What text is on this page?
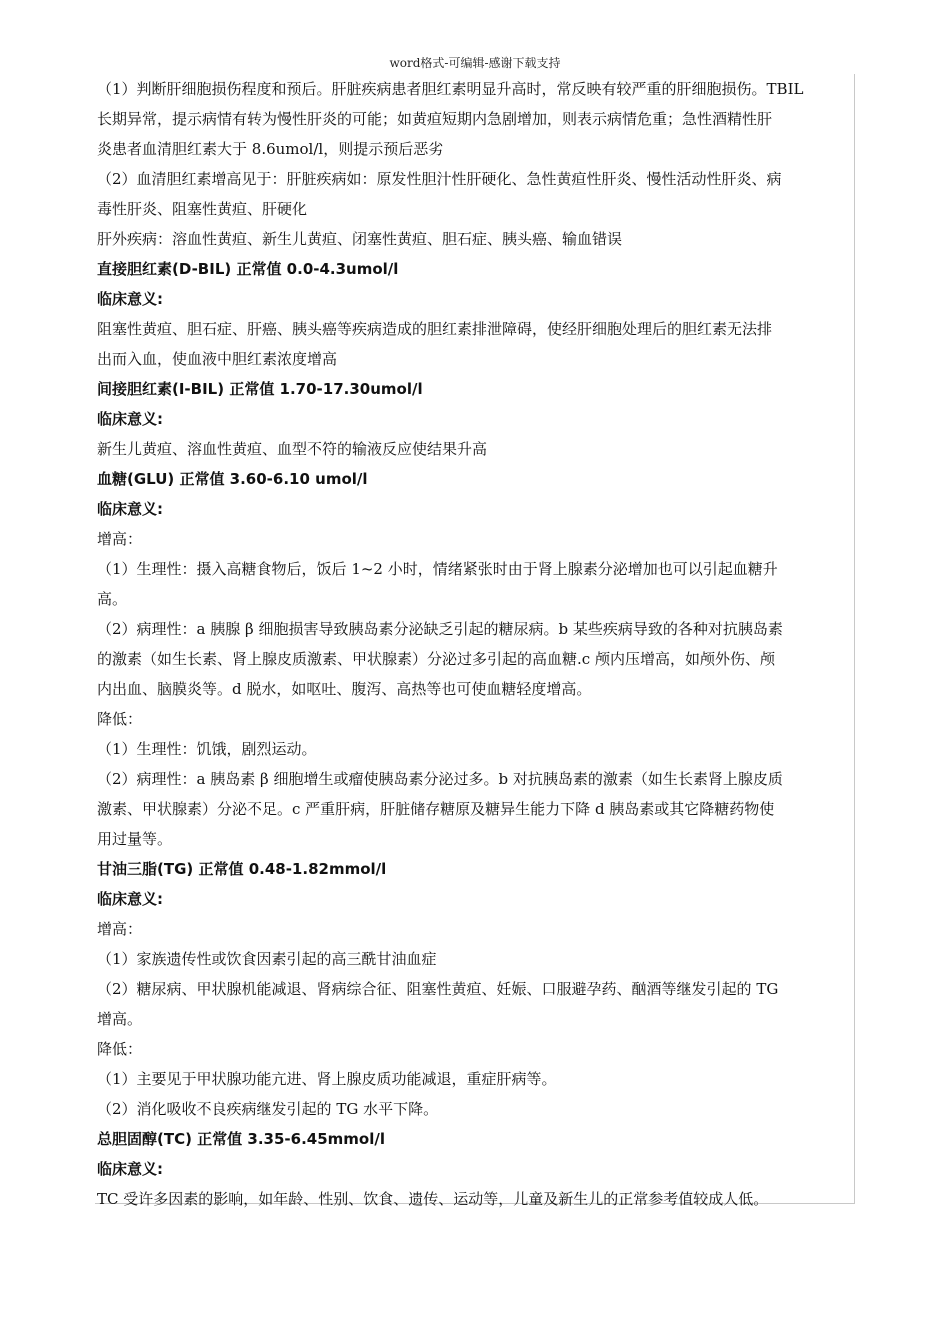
word格式-可编辑-感谢下载支持
（1）判断肝细胞损伤程度和预后。肝脏疾病患者胆红素明显升高时，常反映有较严重的肝细胞损伤。TBIL
长期异常，提示病情有转为慢性肝炎的可能；如黄疸短期内急剧增加，则表示病情危重；急性酒精性肝
炎患者血清胆红素大于 8.6umol/l，则提示预后恶劣
（2）血清胆红素增高见于：肝脏疾病如：原发性胆汁性肝硬化、急性黄疸性肝炎、慢性活动性肝炎、病
毒性肝炎、阻塞性黄疸、肝硬化
肝外疾病：溶血性黄疸、新生儿黄疸、闭塞性黄疸、胆石症、胰头癌、输血错误
直接胆红素(D-BIL) 正常值 0.0-4.3umol/l
临床意义:
阻塞性黄疸、胆石症、肝癌、胰头癌等疾病造成的胆红素排泄障碍，使经肝细胞处理后的胆红素无法排
出而入血，使血液中胆红素浓度增高
间接胆红素(I-BIL) 正常值 1.70-17.30umol/l
临床意义:
新生儿黄疸、溶血性黄疸、血型不符的输液反应使结果升高
血糖(GLU) 正常值 3.60-6.10 umol/l
临床意义:
增高：
（1）生理性：摄入高糖食物后，饭后 1~2 小时，情绪紧张时由于肾上腺素分泌增加也可以引起血糖升
高。
（2）病理性：a 胰腺 β 细胞损害导致胰岛素分泌缺乏引起的糖尿病。b 某些疾病导致的各种对抗胰岛素
的激素（如生长素、肾上腺皮质激素、甲状腺素）分泌过多引起的高血糖.c 颅内压增高，如颅外伤、颅
内出血、脑膜炎等。d 脱水，如呕吐、腹泻、高热等也可使血糖轻度增高。
降低：
（1）生理性：饥饿，剧烈运动。
（2）病理性：a 胰岛素 β 细胞增生或瘤使胰岛素分泌过多。b 对抗胰岛素的激素（如生长素肾上腺皮质
激素、甲状腺素）分泌不足。c 严重肝病，肝脏储存糖原及糖异生能力下降 d 胰岛素或其它降糖药物使
用过量等。
甘油三脂(TG) 正常值 0.48-1.82mmol/l
临床意义:
增高：
（1）家族遗传性或饮食因素引起的高三酰甘油血症
（2）糖尿病、甲状腺机能减退、肾病综合征、阻塞性黄疸、妊娠、口服避孕药、酗酒等继发引起的 TG
增高。
降低：
（1）主要见于甲状腺功能亢进、肾上腺皮质功能减退，重症肝病等。
（2）消化吸收不良疾病继发引起的 TG 水平下降。
总胆固醇(TC) 正常值 3.35-6.45mmol/l
临床意义:
TC 受许多因素的影响，如年龄、性别、饮食、遗传、运动等，儿童及新生儿的正常参考值较成人低。
